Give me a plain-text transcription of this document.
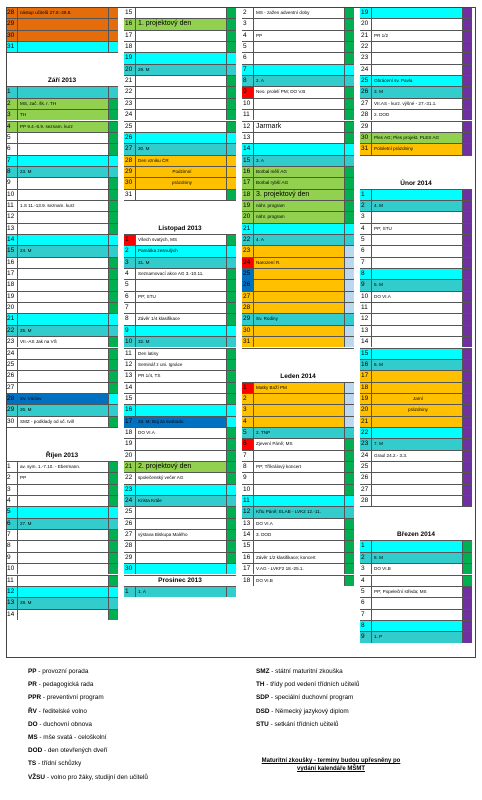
28	nástup učitelů 27.8.-28.8.
29
30
31
Září 2013
1
2	MS, zač. šk. r. TH
3	TH
4	PP 9.4.-6.9. seznam. kurz
5
6
7
8	23. M
9
10
11	1.S 11.-13.9. seznam. kurz
12
13
14
15	24. M
16
17
18
19
20
21
22	25. M
23	VII.-AS Jak na VŠ
24
25
26
27
28	Sv. Václav
29	26. M
30	SMZ - podklady od uč. tvill
Říjen 2013
1	av. sym. 1.-7.10. - Ebermann.
2	PP
3
4
5
6	27. M
7
8
9
10
11
12
13	28. M
14
15
16 1. projektový den
17
18
19
20	29. M
21
22
23
24
25
26
27	30. M
28	Den vzniku ČR
29	Podzimní
30	prázdniny
31
Listopad 2013
1	Všech svatých, MS
2	Památka zesnulých
3	31. M
4	Seznamovací akce AG 3.-10.11.
5
6	PP; STU
7
8	Závěr 1/4 klasifikace
9
10	32. M
11	Den latiny
12	Seminář z uni. Ignáce
13	PR 1/4, TS
14
15
16
17	33. M; Boj za svobodu
18	DO VI.A
19
20
21 2. projektový den
22	společenský večer AG
23
24	Krista Krále
25
26
27	výstava Biskupa Malého
28
29
30
Prosinec 2013
1	1. A
2	MS - zažen adventní doby
3
4	PP
5
6
7
8	2. A
9	Neo. prolelí PM; DO V.B
10
11
12 Jarmark
13
14
15	3. A
16	Borbal mělí AG
17	Borbal rybší AG
18 3. projektový den
19	náhr. program
20	náhr. program
21
22	4. A
23
24	Narození R.
25
26
27
28
29	Sv. Rodiny
30
31
Leden 2014
1	Matky Boží PM
2
3
4
5	2. TNP
6	Zjevení Páně; MS
7
8	PP; Tříkrálový koncert
9
10
11
12	Křtu Páně; ELAB - LVK2 12.-11.
13	DO VI.A
14	3. DOD
15
16	Závěr 1/2 klasifikace; koncert
17	V.AG - LVKF2 18.-25.1.
18	DO VI.B
19
20
21	PR 1/2
22
23
24
25	Obrácení sv. Pavla
26	3. M
27	VII.AS - kurz. výšné - 27.-31.1.
28	2. DOD
29
30	Ples AG; Ples projekt. PLES AG
31	Pololetní prázdniny
Únor 2014
1
2	4. M
3
4	PP; STU
5
6
7
8
9	5. M
10	DO VI.A
11
12
13
14
15
16	6. M
17
18
19	Jarní
20	prázdniny
21
22
23	7. M
24	Graul 24.2.- 3.3.
25
26
27
28
Březen 2014
1
2	8. M
3	DO VI.B
4
5	PP; Popeleční středa; MS
6
7
8
9	1. P
PP - provozní porada
PR - pedagogická rada
PPR - preventivní program
ŘV - ředitelské volno
DO - duchovní obnova
MS - mše svatá - celoškolní
DOD - den otevřených dveří
TS - třídní schůzky
VŽSU - volno pro žáky, studijní den učitelů
SMZ - státní maturitní zkouška
TH - třídy pod vedení třídních učitelů
SDP - speciální duchovní program
DSD - Německý jazykový diplom
STU - setkání třídních učitelů
Maturitní zkoušky - termíny budou upřesněny po vydání kalendáře MŠMT
